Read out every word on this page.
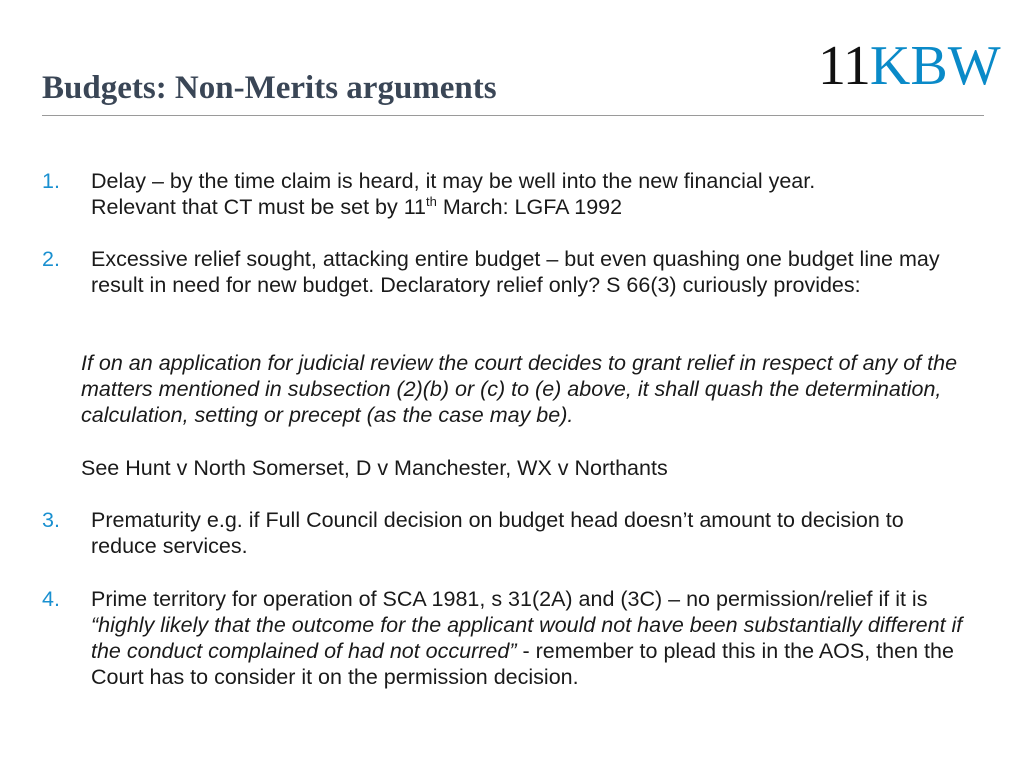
Budgets: Non-Merits arguments	11KBW
1. Delay – by the time claim is heard, it may be well into the new financial year.
Relevant that CT must be set by 11th March: LGFA 1992
2. Excessive relief sought, attacking entire budget – but even quashing one budget line may result in need for new budget. Declaratory relief only? S 66(3) curiously provides:
If on an application for judicial review the court decides to grant relief in respect of any of the matters mentioned in subsection (2)(b) or (c) to (e) above, it shall quash the determination, calculation, setting or precept (as the case may be).
See Hunt v North Somerset, D v Manchester, WX v Northants
3. Prematurity e.g. if Full Council decision on budget head doesn’t amount to decision to reduce services.
4. Prime territory for operation of SCA 1981, s 31(2A) and (3C) – no permission/relief if it is “highly likely that the outcome for the applicant would not have been substantially different if the conduct complained of had not occurred” - remember to plead this in the AOS, then the Court has to consider it on the permission decision.
